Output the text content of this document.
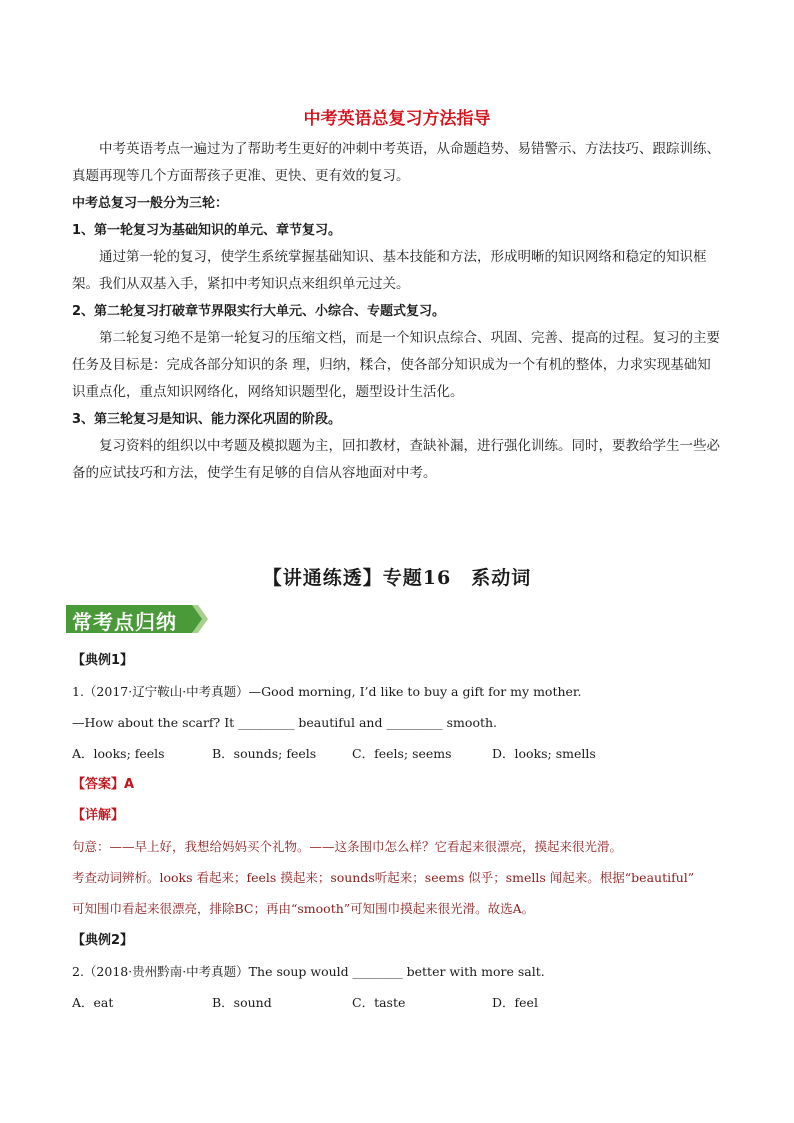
中考英语总复习方法指导

中考英语考点一遍过为了帮助考生更好的冲刺中考英语，从命题趋势、易错警示、方法技巧、跟踪训练、真题再现等几个方面帮孩子更准、更快、更有效的复习。

中考总复习一般分为三轮：

1、第一轮复习为基础知识的单元、章节复习。

通过第一轮的复习，使学生系统掌握基础知识、基本技能和方法，形成明晰的知识网络和稳定的知识框架。我们从双基入手，紧扣中考知识点来组织单元过关。

2、第二轮复习打破章节界限实行大单元、小综合、专题式复习。

第二轮复习绝不是第一轮复习的压缩文档，而是一个知识点综合、巩固、完善、提高的过程。复习的主要任务及目标是：完成各部分知识的条 理，归纳，糅合，使各部分知识成为一个有机的整体，力求实现基础知识重点化，重点知识网络化，网络知识题型化，题型设计生活化。

3、第三轮复习是知识、能力深化巩固的阶段。

复习资料的组织以中考题及模拟题为主，回扣教材，查缺补漏，进行强化训练。同时，要教给学生一些必备的应试技巧和方法，使学生有足够的自信从容地面对中考。

【讲通练透】专题16　系动词
常考点归纳

【典例1】

1.（2017·辽宁鞍山·中考真题）—Good morning, I’d like to buy a gift for my mother.

—How about the scarf? It _________ beautiful and _________ smooth.

A．looks; feels	B．sounds; feels	C．feels; seems	D．looks; smells

【答案】A

【详解】

句意：——早上好，我想给妈妈买个礼物。——这条围巾怎么样？它看起来很漂亮，摸起来很光滑。

考查动词辨析。looks 看起来；feels 摸起来；sounds听起来；seems 似乎；smells 闻起来。根据“beautiful”

可知围巾看起来很漂亮，排除BC；再由“smooth”可知围巾摸起来很光滑。故选A。

【典例2】

2.（2018·贵州黔南·中考真题）The soup would ________ better with more salt.

A．eat	B．sound	C．taste	D．feel
